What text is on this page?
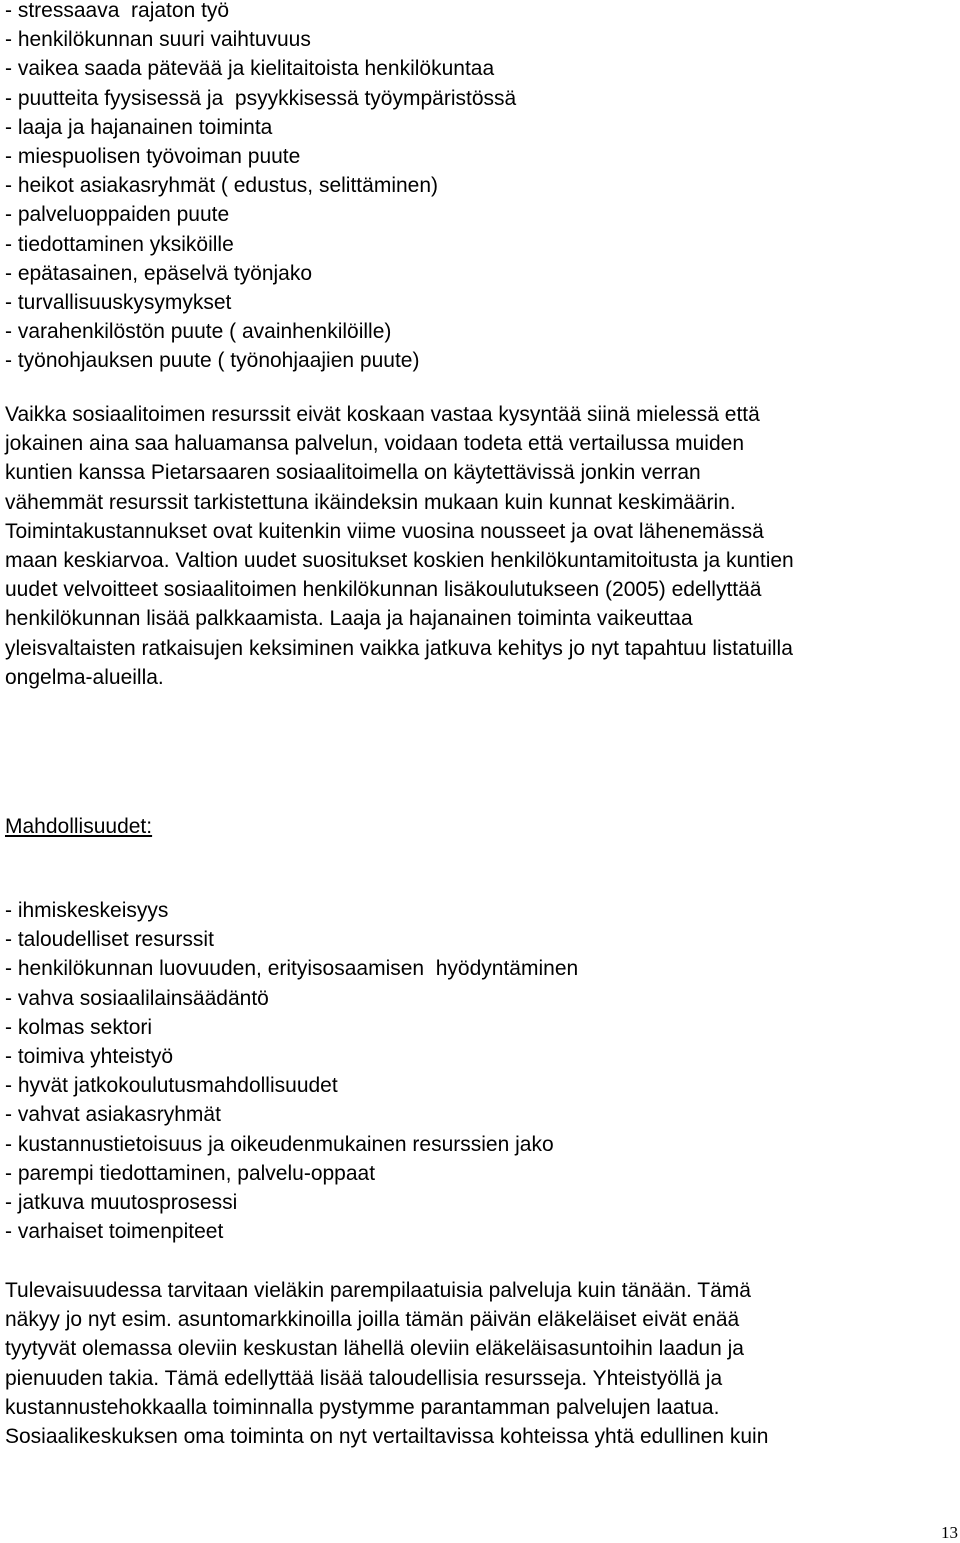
- stressaava  rajaton työ
- henkilökunnan suuri vaihtuvuus
- vaikea saada pätevää ja kielitaitoista henkilökuntaa
- puutteita fyysisessä ja  psyykkisessä työympäristössä
- laaja ja hajanainen toiminta
- miespuolisen työvoiman puute
- heikot asiakasryhmät ( edustus, selittäminen)
- palveluoppaiden puute
- tiedottaminen yksiköille
- epätasainen, epäselvä työnjako
- turvallisuuskysymykset
- varahenkilöstön puute ( avainhenkilöille)
- työnohjauksen puute ( työnohjaajien puute)

Vaikka sosiaalitoimen resurssit eivät koskaan vastaa kysyntää siinä mielessä että
jokainen aina saa haluamansa palvelun, voidaan todeta että vertailussa muiden
kuntien kanssa Pietarsaaren sosiaalitoimella on käytettävissä jonkin verran
vähemmät resurssit tarkistettuna ikäindeksin mukaan kuin kunnat keskimäärin.
Toimintakustannukset ovat kuitenkin viime vuosina nousseet ja ovat lähenemässä
maan keskiarvoa. Valtion uudet suositukset koskien henkilökuntamitoitusta ja kuntien
uudet velvoitteet sosiaalitoimen henkilökunnan lisäkoulutukseen (2005) edellyttää
henkilökunnan lisää palkkaamista. Laaja ja hajanainen toiminta vaikeuttaa
yleisvaltaisten ratkaisujen keksiminen vaikka jatkuva kehitys jo nyt tapahtuu listatuilla
ongelma-alueilla.

Mahdollisuudet:
- ihmiskeskeisyys
- taloudelliset resurssit
- henkilökunnan luovuuden, erityisosaamisen  hyödyntäminen
- vahva sosiaalilainsäädäntö
- kolmas sektori
- toimiva yhteistyö
- hyvät jatkokoulutusmahdollisuudet
- vahvat asiakasryhmät
- kustannustietoisuus ja oikeudenmukainen resurssien jako
- parempi tiedottaminen, palvelu-oppaat
- jatkuva muutosprosessi
- varhaiset toimenpiteet

Tulevaisuudessa tarvitaan vieläkin parempilaatuisia palveluja kuin tänään. Tämä
näkyy jo nyt esim. asuntomarkkinoilla joilla tämän päivän eläkeläiset eivät enää
tyytyvät olemassa oleviin keskustan lähellä oleviin eläkeläisasuntoihin laadun ja
pienuuden takia. Tämä edellyttää lisää taloudellisia resursseja. Yhteistyöllä ja
kustannustehokkaalla toiminnalla pystymme parantamman palvelujen laatua.
Sosiaalikeskuksen oma toiminta on nyt vertailtavissa kohteissa yhtä edullinen kuin

13
